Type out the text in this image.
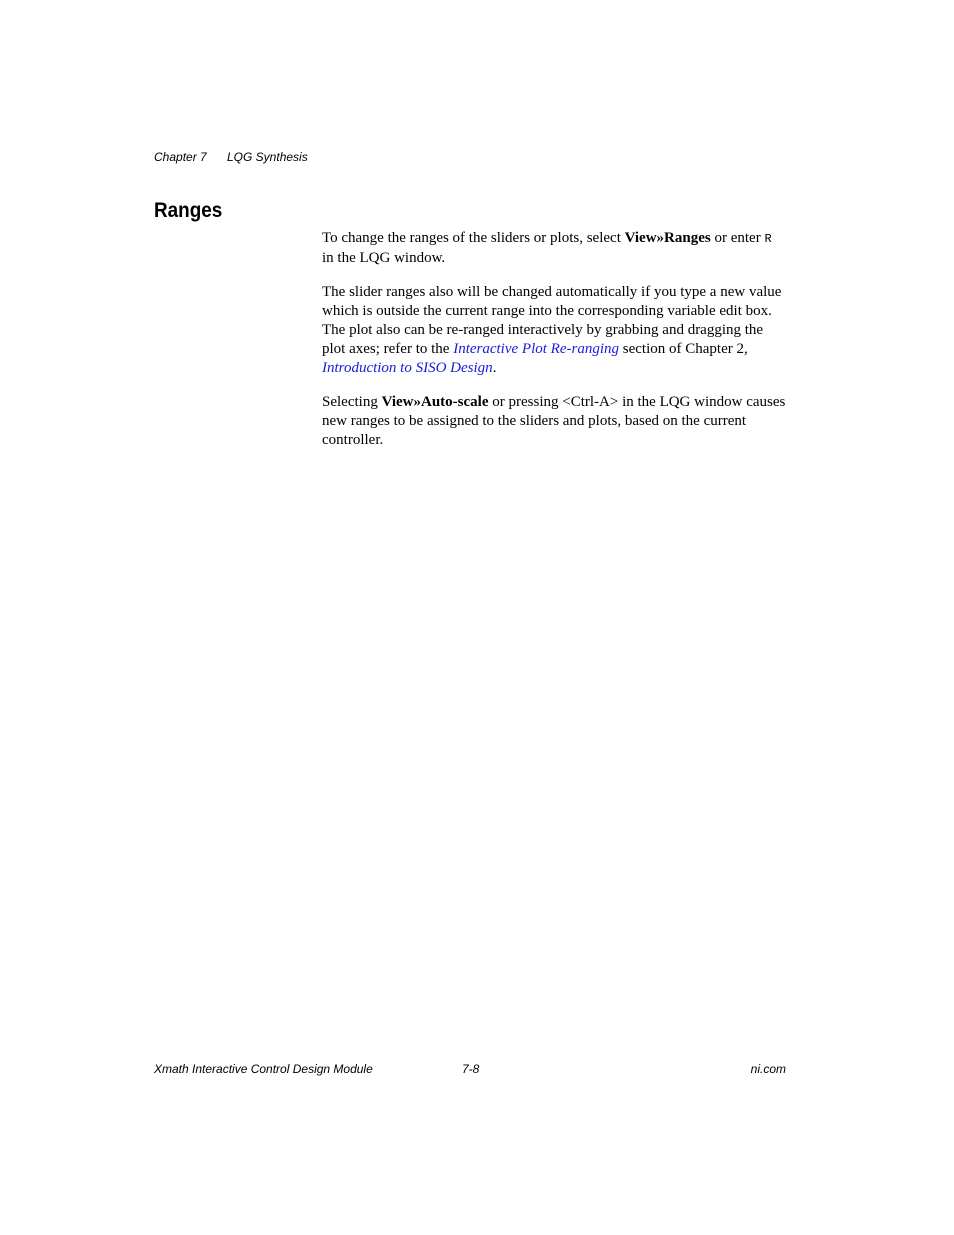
Chapter 7 LQG Synthesis
Ranges

To change the ranges of the sliders or plots, select View»Ranges or enter R in the LQG window.

The slider ranges also will be changed automatically if you type a new value which is outside the current range into the corresponding variable edit box. The plot also can be re-ranged interactively by grabbing and dragging the plot axes; refer to the Interactive Plot Re-ranging section of Chapter 2, Introduction to SISO Design.

Selecting View»Auto-scale or pressing <Ctrl-A> in the LQG window causes new ranges to be assigned to the sliders and plots, based on the current controller.

Xmath Interactive Control Design Module	7-8	ni.com
